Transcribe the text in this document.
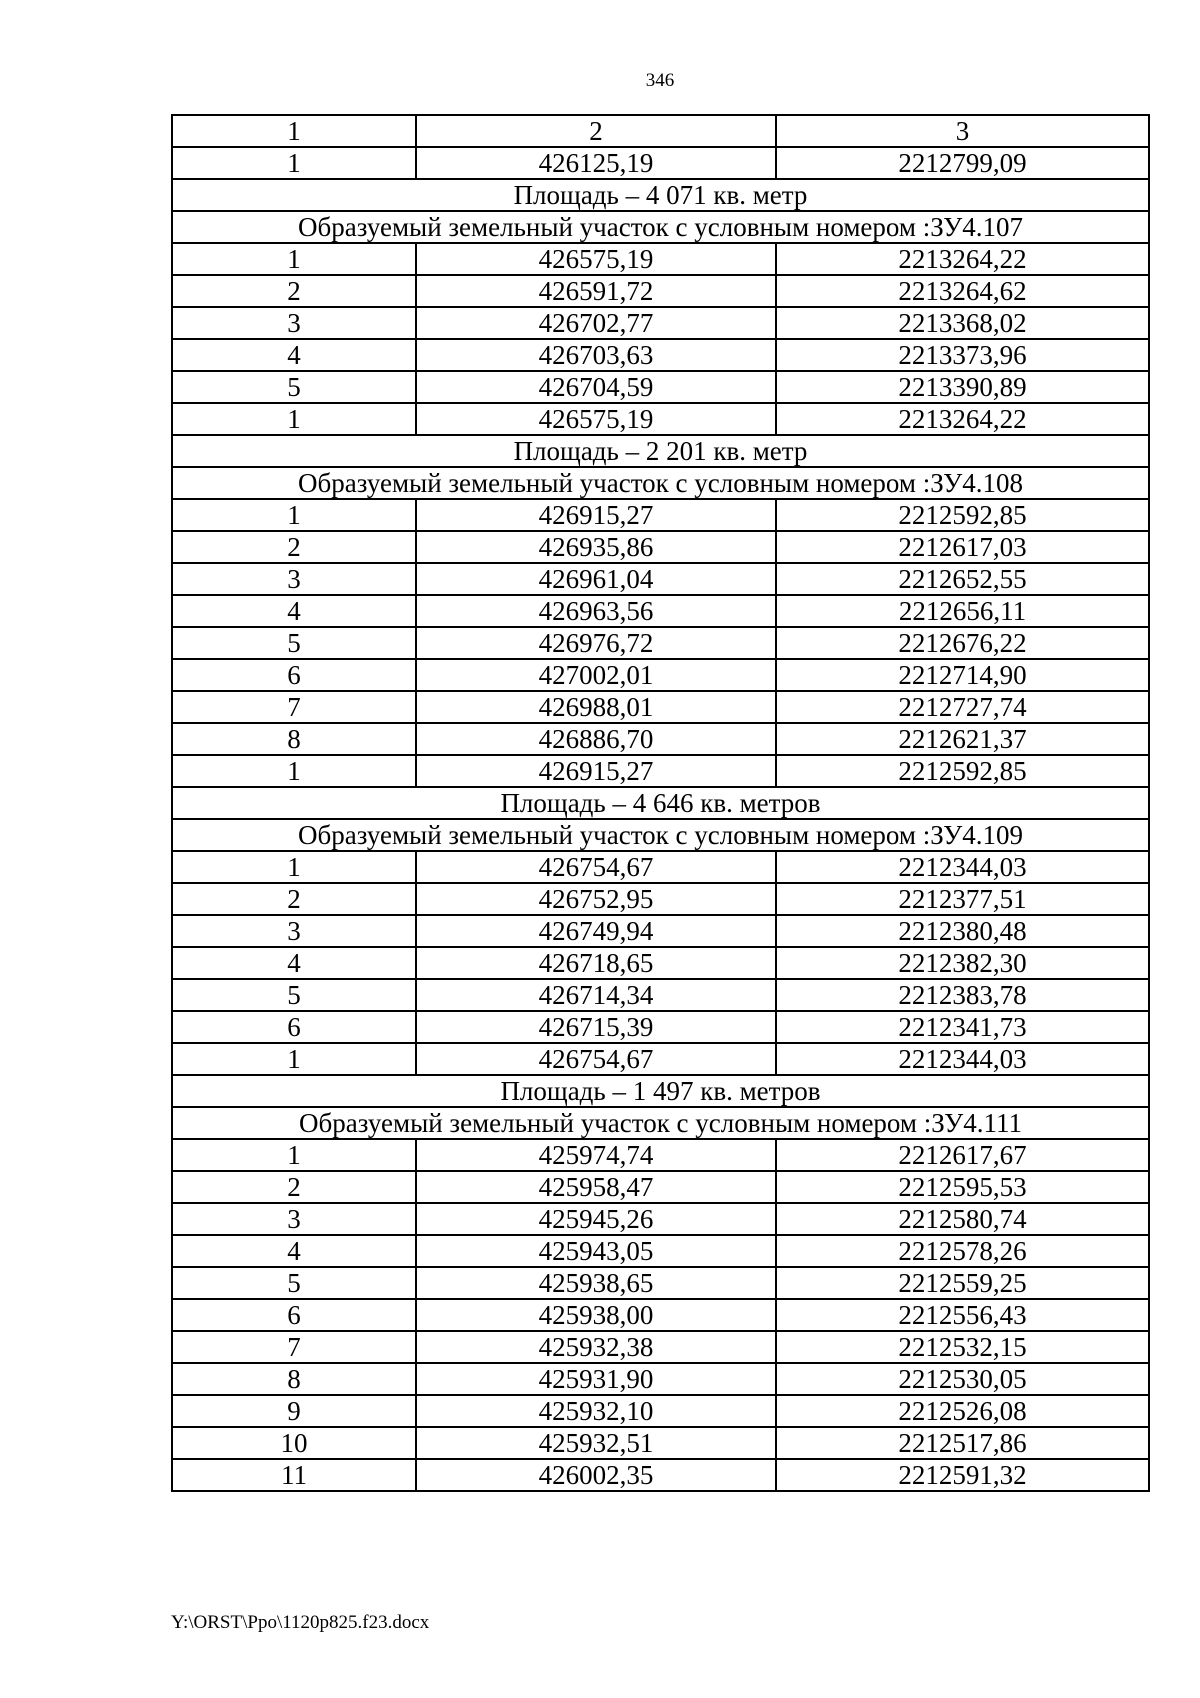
346
1	2	3
1	426125,19	2212799,09
Площадь – 4 071 кв. метр		
Образуемый земельный участок с условным номером :ЗУ4.107		
1	426575,19	2213264,22
2	426591,72	2213264,62
3	426702,77	2213368,02
4	426703,63	2213373,96
5	426704,59	2213390,89
1	426575,19	2213264,22
Площадь – 2 201 кв. метр		
Образуемый земельный участок с условным номером :ЗУ4.108		
1	426915,27	2212592,85
2	426935,86	2212617,03
3	426961,04	2212652,55
4	426963,56	2212656,11
5	426976,72	2212676,22
6	427002,01	2212714,90
7	426988,01	2212727,74
8	426886,70	2212621,37
1	426915,27	2212592,85
Площадь – 4 646 кв. метров		
Образуемый земельный участок с условным номером :ЗУ4.109		
1	426754,67	2212344,03
2	426752,95	2212377,51
3	426749,94	2212380,48
4	426718,65	2212382,30
5	426714,34	2212383,78
6	426715,39	2212341,73
1	426754,67	2212344,03
Площадь – 1 497 кв. метров		
Образуемый земельный участок с условным номером :ЗУ4.111		
1	425974,74	2212617,67
2	425958,47	2212595,53
3	425945,26	2212580,74
4	425943,05	2212578,26
5	425938,65	2212559,25
6	425938,00	2212556,43
7	425932,38	2212532,15
8	425931,90	2212530,05
9	425932,10	2212526,08
10	425932,51	2212517,86
11	426002,35	2212591,32
Y:\ORST\Ppo\1120p825.f23.docx
